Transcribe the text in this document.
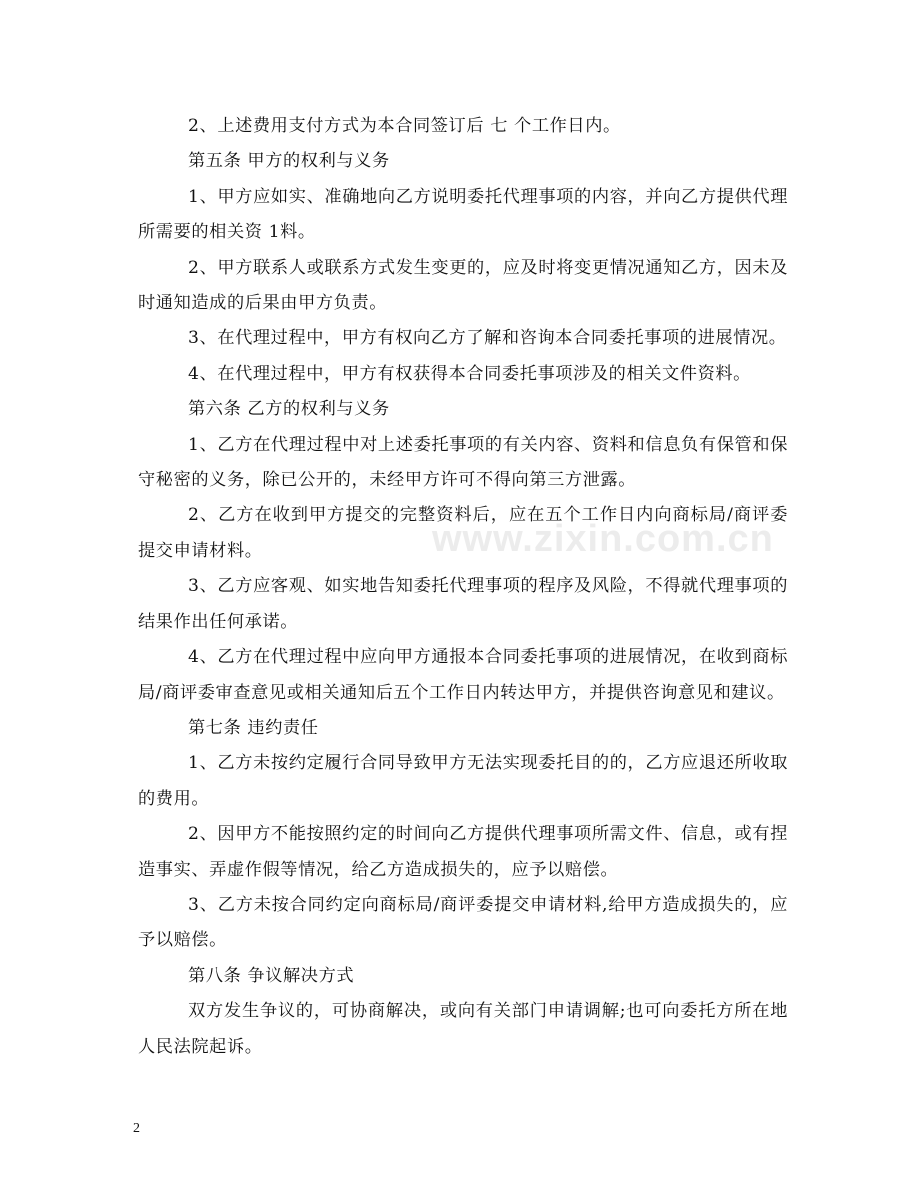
www.zixin.com.cn

2、上述费用支付方式为本合同签订后 七 个工作日内。

第五条 甲方的权利与义务

1、甲方应如实、准确地向乙方说明委托代理事项的内容，并向乙方提供代理所需要的相关资 1料。

2、甲方联系人或联系方式发生变更的，应及时将变更情况通知乙方，因未及时通知造成的后果由甲方负责。

3、在代理过程中，甲方有权向乙方了解和咨询本合同委托事项的进展情况。

4、在代理过程中，甲方有权获得本合同委托事项涉及的相关文件资料。

第六条 乙方的权利与义务

1、乙方在代理过程中对上述委托事项的有关内容、资料和信息负有保管和保守秘密的义务，除已公开的，未经甲方许可不得向第三方泄露。

2、乙方在收到甲方提交的完整资料后，应在五个工作日内向商标局/商评委提交申请材料。

3、乙方应客观、如实地告知委托代理事项的程序及风险，不得就代理事项的结果作出任何承诺。

4、乙方在代理过程中应向甲方通报本合同委托事项的进展情况，在收到商标局/商评委审查意见或相关通知后五个工作日内转达甲方，并提供咨询意见和建议。

第七条 违约责任

1、乙方未按约定履行合同导致甲方无法实现委托目的的，乙方应退还所收取的费用。

2、因甲方不能按照约定的时间向乙方提供代理事项所需文件、信息，或有捏造事实、弄虚作假等情况，给乙方造成损失的，应予以赔偿。

3、乙方未按合同约定向商标局/商评委提交申请材料,给甲方造成损失的，应予以赔偿。

第八条 争议解决方式

双方发生争议的，可协商解决，或向有关部门申请调解;也可向委托方所在地人民法院起诉。

2
